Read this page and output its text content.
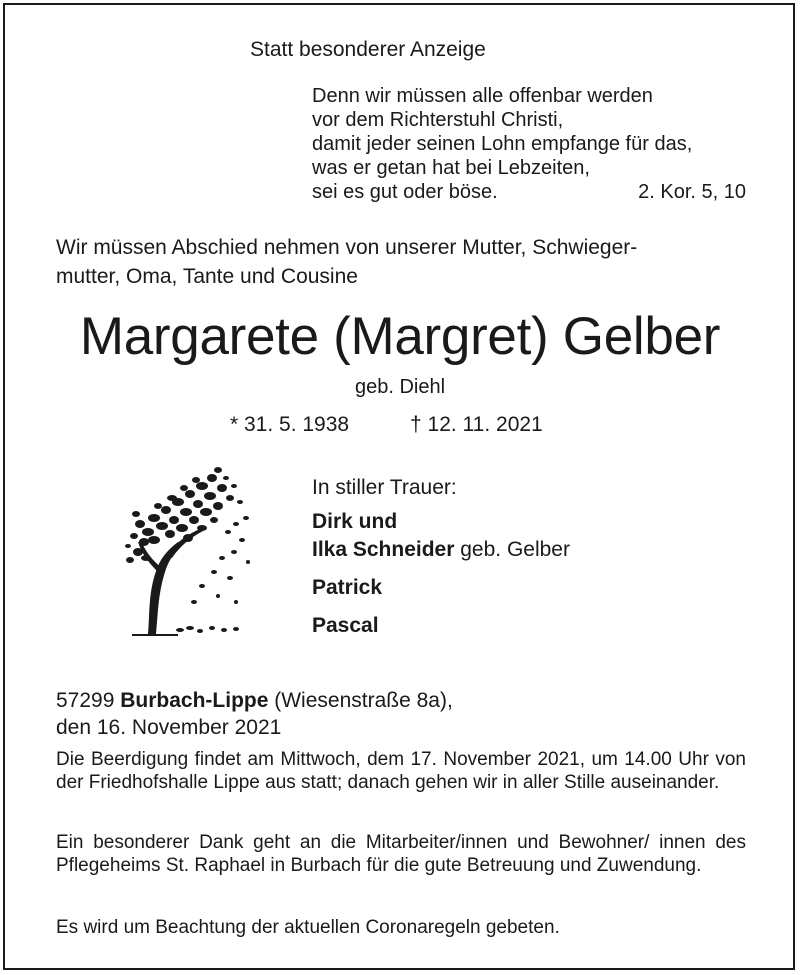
Statt besonderer Anzeige
Denn wir müssen alle offenbar werden
vor dem Richterstuhl Christi,
damit jeder seinen Lohn empfange für das,
was er getan hat bei Lebzeiten,
sei es gut oder böse.	2. Kor. 5, 10
Wir müssen Abschied nehmen von unserer Mutter, Schwieger-
mutter, Oma, Tante und Cousine
Margarete (Margret) Gelber
geb. Diehl
* 31. 5. 1938	† 12. 11. 2021
In stiller Trauer:
Dirk und
Ilka Schneider geb. Gelber
Patrick
Pascal
57299 Burbach-Lippe (Wiesenstraße 8a),
den 16. November 2021
Die Beerdigung findet am Mittwoch, dem 17. November 2021, um 14.00 Uhr von der Friedhofshalle Lippe aus statt; danach gehen wir in aller Stille auseinander.
Ein besonderer Dank geht an die Mitarbeiter/innen und Bewohner/ innen des Pflegeheims St. Raphael in Burbach für die gute Betreuung und Zuwendung.
Es wird um Beachtung der aktuellen Coronaregeln gebeten.
